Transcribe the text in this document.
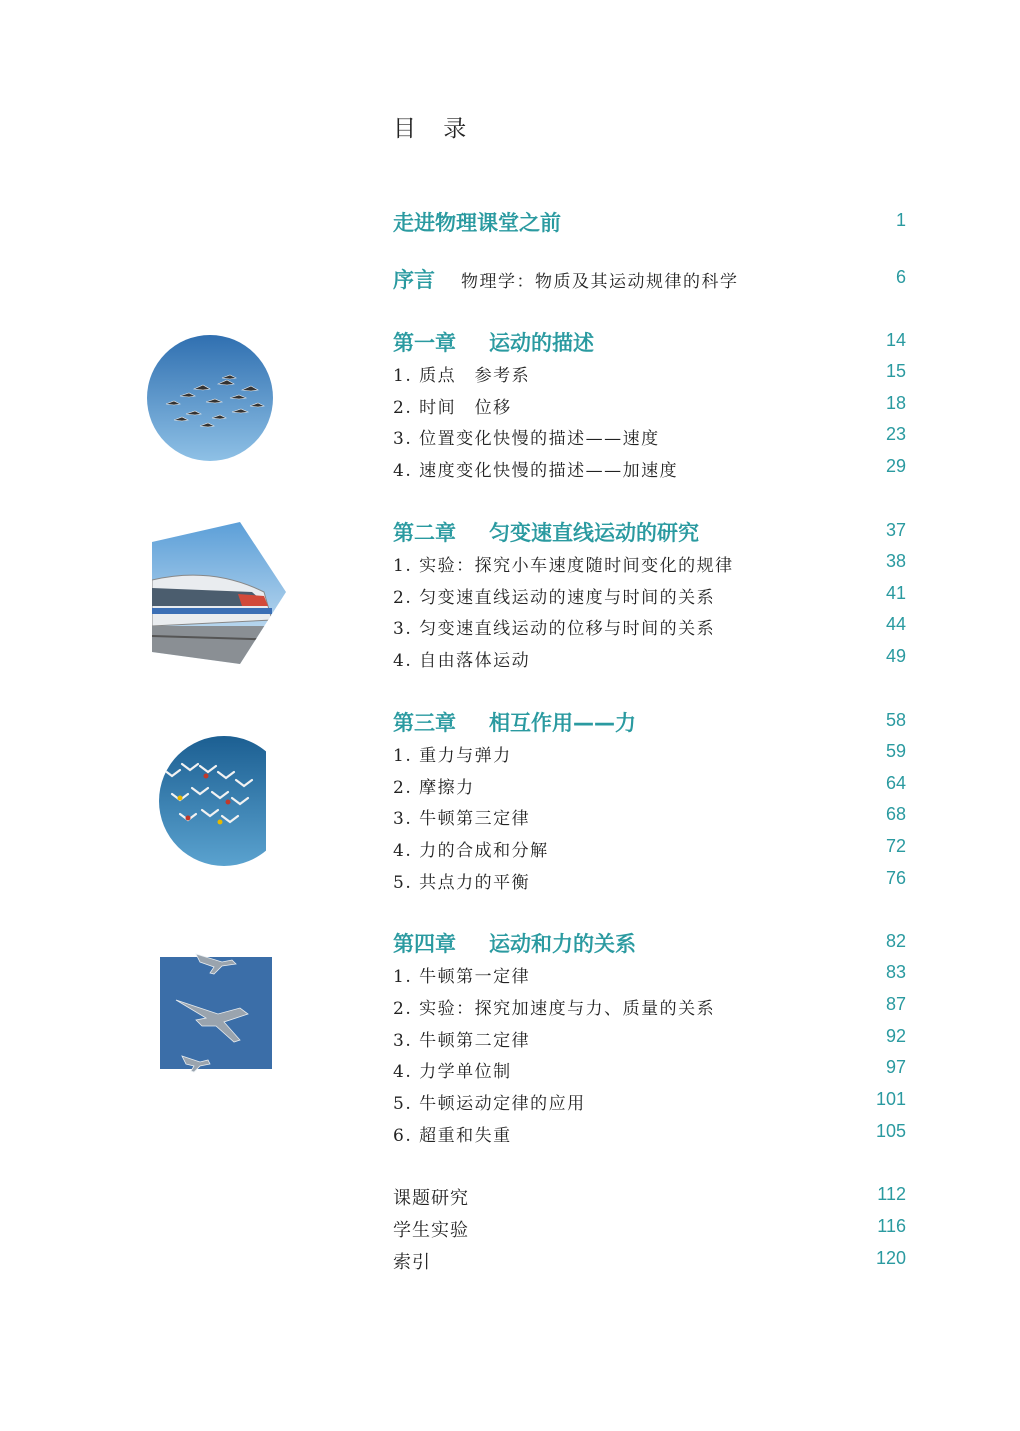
目 录
走进物理课堂之前	1
序言 物理学：物质及其运动规律的科学	6
第一章 运动的描述	14
1. 质点　参考系	15
2. 时间　位移	18
3. 位置变化快慢的描述——速度	23
4. 速度变化快慢的描述——加速度	29
第二章 匀变速直线运动的研究	37
1. 实验：探究小车速度随时间变化的规律	38
2. 匀变速直线运动的速度与时间的关系	41
3. 匀变速直线运动的位移与时间的关系	44
4. 自由落体运动	49
第三章 相互作用——力	58
1. 重力与弹力	59
2. 摩擦力	64
3. 牛顿第三定律	68
4. 力的合成和分解	72
5. 共点力的平衡	76
第四章 运动和力的关系	82
1. 牛顿第一定律	83
2. 实验：探究加速度与力、质量的关系	87
3. 牛顿第二定律	92
4. 力学单位制	97
5. 牛顿运动定律的应用	101
6. 超重和失重	105
课题研究	112
学生实验	116
索引	120
